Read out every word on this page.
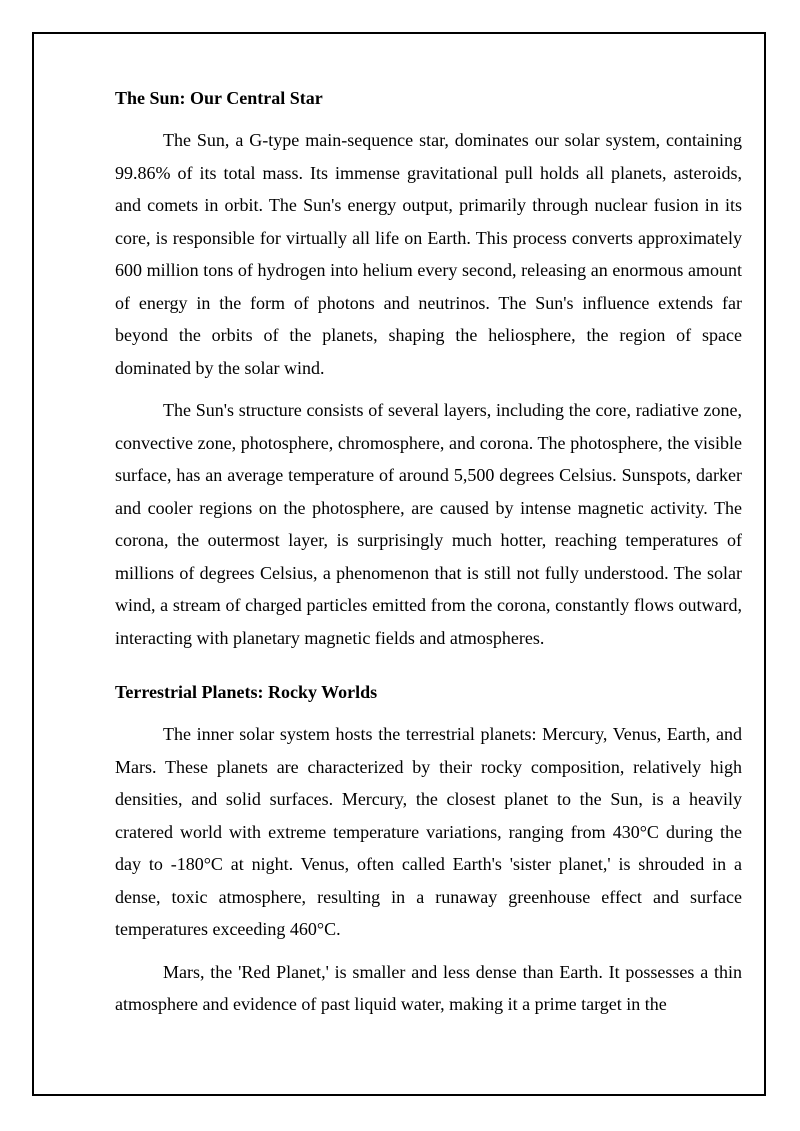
The Sun: Our Central Star

The Sun, a G-type main-sequence star, dominates our solar system, containing 99.86% of its total mass. Its immense gravitational pull holds all planets, asteroids, and comets in orbit. The Sun's energy output, primarily through nuclear fusion in its core, is responsible for virtually all life on Earth. This process converts approximately 600 million tons of hydrogen into helium every second, releasing an enormous amount of energy in the form of photons and neutrinos. The Sun's influence extends far beyond the orbits of the planets, shaping the heliosphere, the region of space dominated by the solar wind.

The Sun's structure consists of several layers, including the core, radiative zone, convective zone, photosphere, chromosphere, and corona. The photosphere, the visible surface, has an average temperature of around 5,500 degrees Celsius. Sunspots, darker and cooler regions on the photosphere, are caused by intense magnetic activity. The corona, the outermost layer, is surprisingly much hotter, reaching temperatures of millions of degrees Celsius, a phenomenon that is still not fully understood. The solar wind, a stream of charged particles emitted from the corona, constantly flows outward, interacting with planetary magnetic fields and atmospheres.

Terrestrial Planets: Rocky Worlds

The inner solar system hosts the terrestrial planets: Mercury, Venus, Earth, and Mars. These planets are characterized by their rocky composition, relatively high densities, and solid surfaces. Mercury, the closest planet to the Sun, is a heavily cratered world with extreme temperature variations, ranging from 430°C during the day to -180°C at night. Venus, often called Earth's 'sister planet,' is shrouded in a dense, toxic atmosphere, resulting in a runaway greenhouse effect and surface temperatures exceeding 460°C.

Mars, the 'Red Planet,' is smaller and less dense than Earth. It possesses a thin atmosphere and evidence of past liquid water, making it a prime target in the
